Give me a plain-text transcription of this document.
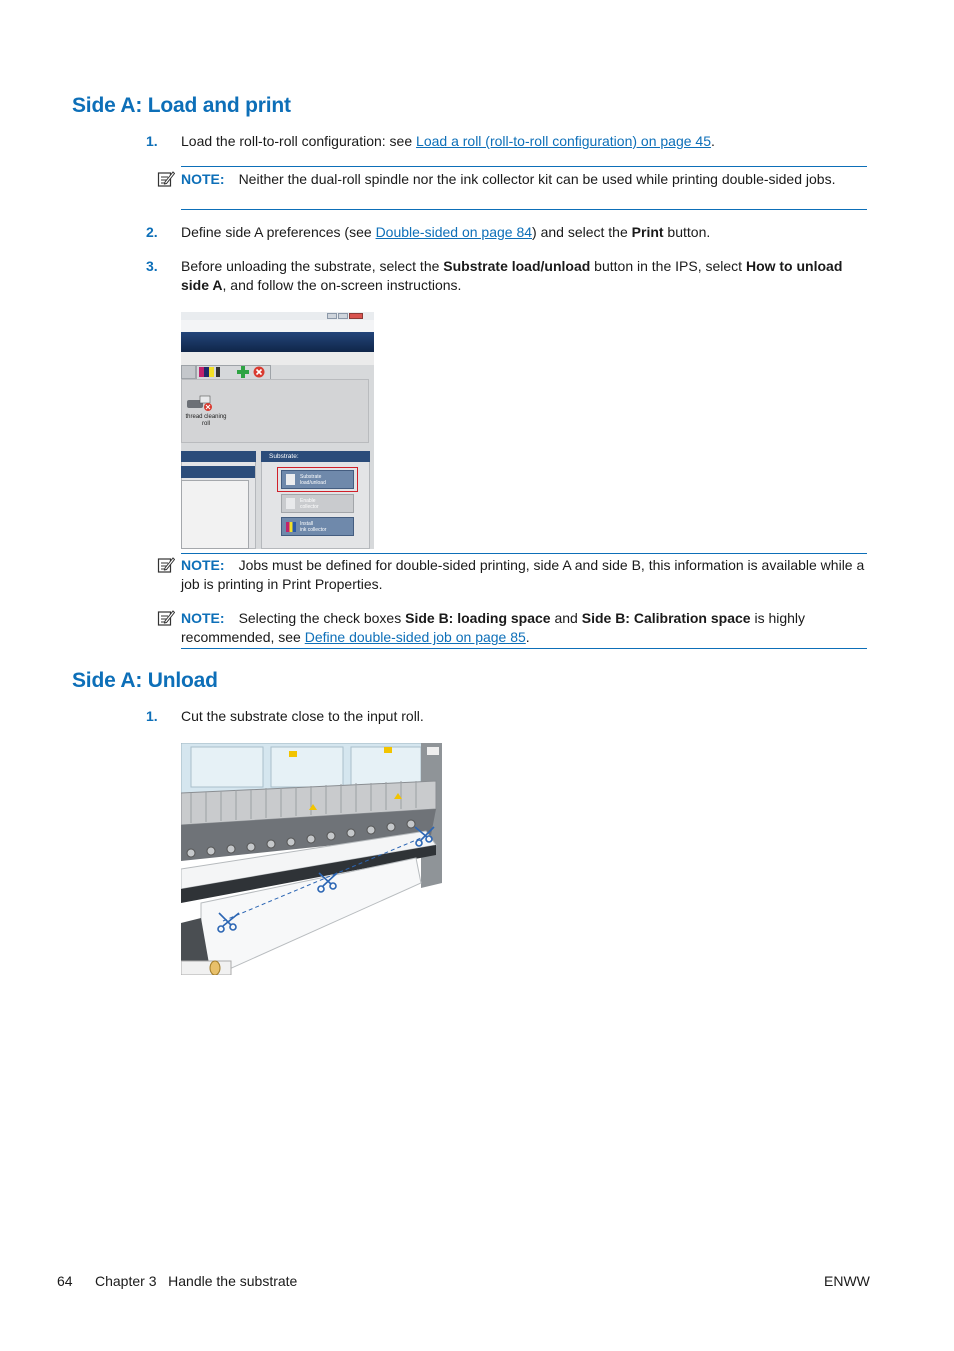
Side A: Load and print
1. Load the roll-to-roll configuration: see Load a roll (roll-to-roll configuration) on page 45.
NOTE: Neither the dual-roll spindle nor the ink collector kit can be used while printing double-sided jobs.
2. Define side A preferences (see Double-sided on page 84) and select the Print button.
3. Before unloading the substrate, select the Substrate load/unload button in the IPS, select How to unload side A, and follow the on-screen instructions.
thread cleaning
roll
Substrate:
Substrate
load/unload
Enable
collector
Install
ink collector
NOTE: Jobs must be defined for double-sided printing, side A and side B, this information is available while a job is printing in Print Properties.
NOTE: Selecting the check boxes Side B: loading space and Side B: Calibration space is highly recommended, see Define double-sided job on page 85.
Side A: Unload
1. Cut the substrate close to the input roll.
64 Chapter 3   Handle the substrate	ENWW
